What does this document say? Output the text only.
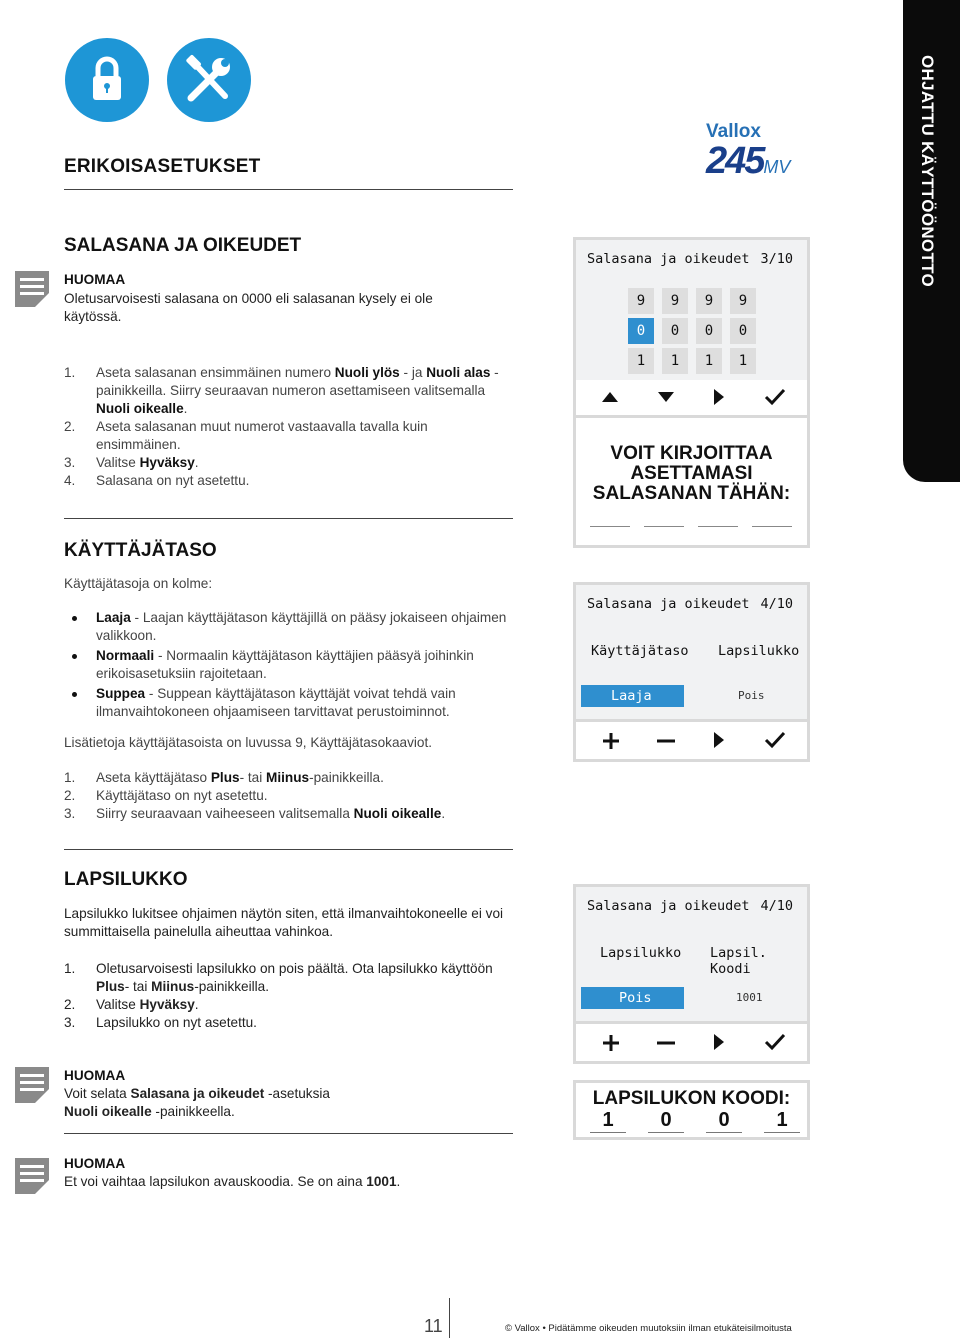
OHJATTU KÄYTTÖÖNOTTO
Vallox
245MV
ERIKOISASETUKSET
SALASANA JA OIKEUDET
HUOMAA
Oletusarvoisesti salasana on 0000 eli salasanan kysely ei ole käytössä.
1.	Aseta salasanan ensimmäinen numero Nuoli ylös - ja Nuoli alas -painikkeilla. Siirry seuraavan numeron asettamiseen valitsemalla Nuoli oikealle.
2.	Aseta salasanan muut numerot vastaavalla tavalla kuin ensimmäinen.
3.	Valitse Hyväksy.
4.	Salasana on nyt asetettu.
Salasana ja oikeudet 3/10
9	9	9	9
0	0	0	0
1	1	1	1
VOIT KIRJOITTAA ASETTAMASI SALASANAN TÄHÄN:
KÄYTTÄJÄTASO
Käyttäjätasoja on kolme:
Laaja - Laajan käyttäjätason käyttäjillä on pääsy jokaiseen ohjaimen valikkoon.
Normaali - Normaalin käyttäjätason käyttäjien pääsyä joihinkin erikoisasetuksiin rajoitetaan.
Suppea - Suppean käyttäjätason käyttäjät voivat tehdä vain ilmanvaihtokoneen ohjaamiseen tarvittavat perustoiminnot.
Lisätietoja käyttäjätasoista on luvussa 9, Käyttäjätasokaaviot.
1.	Aseta käyttäjätaso Plus- tai Miinus-painikkeilla.
2.	Käyttäjätaso on nyt asetettu.
3.	Siirry seuraavaan vaiheeseen valitsemalla Nuoli oikealle.
Salasana ja oikeudet 4/10
Käyttäjätaso Lapsilukko
Laaja	Pois
LAPSILUKKO
Lapsilukko lukitsee ohjaimen näytön siten, että ilmanvaihtokoneelle ei voi summittaisella painelulla aiheuttaa vahinkoa.
1.	Oletusarvoisesti lapsilukko on pois päältä. Ota lapsilukko käyttöön Plus- tai Miinus-painikkeilla.
2.	Valitse Hyväksy.
3.	Lapsilukko on nyt asetettu.
HUOMAA
Voit selata Salasana ja oikeudet -asetuksia Nuoli oikealle -painikkeella.
HUOMAA
Et voi vaihtaa lapsilukon avauskoodia. Se on aina 1001.
Salasana ja oikeudet 4/10
Lapsilukko Lapsil. Koodi
Pois	1001
LAPSILUKON KOODI:
1	0	0	1
11	© Vallox • Pidätämme oikeuden muutoksiin ilman etukäteisilmoitusta
